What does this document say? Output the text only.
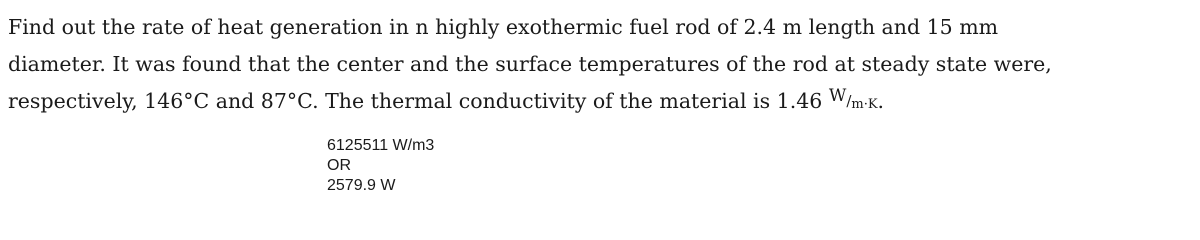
Find out the rate of heat generation in n highly exothermic fuel rod of 2.4 m length and 15 mm
diameter. It was found that the center and the surface temperatures of the rod at steady state were,
respectively, 146°C and 87°C. The thermal conductivity of the material is 1.46 W/m·K.
6125511 W/m3
OR
2579.9 W
